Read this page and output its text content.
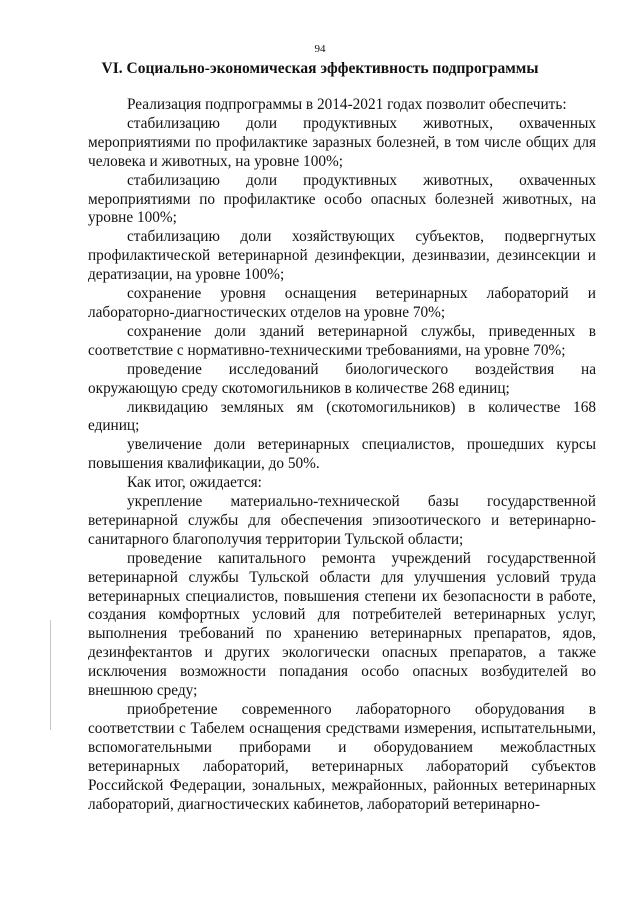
94
VI. Социально-экономическая эффективность подпрограммы

Реализация подпрограммы в 2014-2021 годах позволит обеспечить:

стабилизацию доли продуктивных животных, охваченных мероприятиями по профилактике заразных болезней, в том числе общих для человека и животных, на уровне 100%;

стабилизацию доли продуктивных животных, охваченных мероприятиями по профилактике особо опасных болезней животных, на уровне 100%;

стабилизацию доли хозяйствующих субъектов, подвергнутых профилактической ветеринарной дезинфекции, дезинвазии, дезинсекции и дератизации, на уровне 100%;

сохранение уровня оснащения ветеринарных лабораторий и лабораторно-диагностических отделов на уровне 70%;

сохранение доли зданий ветеринарной службы, приведенных в соответствие с нормативно-техническими требованиями, на уровне 70%;

проведение исследований биологического воздействия на окружающую среду скотомогильников в количестве 268 единиц;

ликвидацию земляных ям (скотомогильников) в количестве 168 единиц;

увеличение доли ветеринарных специалистов, прошедших курсы повышения квалификации, до 50%.

Как итог, ожидается:

укрепление материально-технической базы государственной ветеринарной службы для обеспечения эпизоотического и ветеринарно-санитарного благополучия территории Тульской области;

проведение капитального ремонта учреждений государственной ветеринарной службы Тульской области для улучшения условий труда ветеринарных специалистов, повышения степени их безопасности в работе, создания комфортных условий для потребителей ветеринарных услуг, выполнения требований по хранению ветеринарных препаратов, ядов, дезинфектантов и других экологически опасных препаратов, а также исключения возможности попадания особо опасных возбудителей во внешнюю среду;

приобретение современного лабораторного оборудования в соответствии с Табелем оснащения средствами измерения, испытательными, вспомогательными приборами и оборудованием межобластных ветеринарных лабораторий, ветеринарных лабораторий субъектов Российской Федерации, зональных, межрайонных, районных ветеринарных лабораторий, диагностических кабинетов, лабораторий ветеринарно-
